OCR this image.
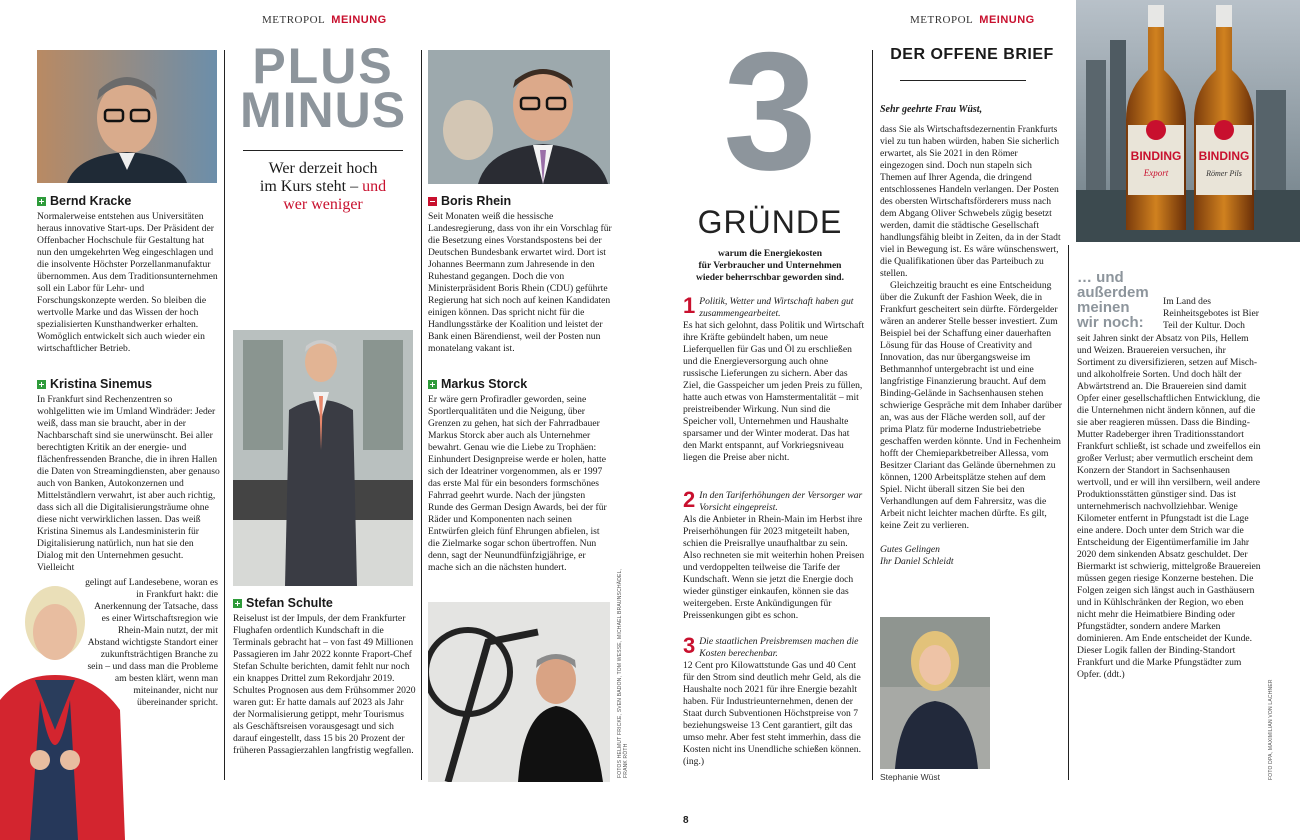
METROPOL MEINUNG

Bernd Kracke

Normalerweise entstehen aus Universitäten heraus innovative Start-ups. Der Präsident der Offenbacher Hochschule für Gestaltung hat nun den umgekehrten Weg eingeschlagen und die insolvente Höchster Porzellanmanufaktur übernommen. Aus dem Traditionsunternehmen soll ein Labor für Lehr- und Forschungskonzepte werden. So bleiben die wertvolle Marke und das Wissen der hoch spezialisierten Kunsthandwerker erhalten. Womöglich entwickelt sich auch wieder ein wirtschaftlicher Betrieb.

Kristina Sinemus

In Frankfurt sind Rechenzentren so wohlgelitten wie im Umland Windräder: Jeder weiß, dass man sie braucht, aber in der Nachbarschaft sind sie unerwünscht. Bei aller berechtigten Kritik an der energie- und flächenfressenden Branche, die in ihren Hallen die Daten von Streamingdiensten, aber genauso auch von Banken, Autokonzernen und Mittelständlern verwahrt, ist aber auch richtig, dass sich all die Digitalisierungsträume ohne diese nicht verwirklichen lassen. Das weiß Kristina Sinemus als Landesministerin für Digitalisierung natürlich, nun hat sie den Dialog mit den Unternehmen gesucht. Vielleicht

gelingt auf Landesebene, woran es in Frankfurt hakt: die Anerkennung der Tatsache, dass es einer Wirtschaftsregion wie Rhein-Main nutzt, der mit Abstand wichtigste Standort einer zukunftsträchtigen Branche zu sein – und dass man die Probleme am besten klärt, wenn man miteinander, nicht nur übereinander spricht.

PLUS
MINUS
Wer derzeit hoch
im Kurs steht – und
wer weniger

Stefan Schulte

Reiselust ist der Impuls, der dem Frankfurter Flughafen ordentlich Kundschaft in die Terminals gebracht hat – von fast 49 Millionen Passagieren im Jahr 2022 konnte Fraport-Chef Stefan Schulte berichten, damit fehlt nur noch ein knappes Drittel zum Rekordjahr 2019. Schultes Prognosen aus dem Frühsommer 2020 waren gut: Er hatte damals auf 2023 als Jahr der Normalisierung getippt, mehr Tourismus als Geschäftsreisen vorausgesagt und sich darauf eingestellt, dass 15 bis 20 Prozent der früheren Passagierzahlen langfristig wegfallen.

Boris Rhein

Seit Monaten weiß die hessische Landesregierung, dass von ihr ein Vorschlag für die Besetzung eines Vorstandspostens bei der Deutschen Bundesbank erwartet wird. Dort ist Johannes Beermann zum Jahresende in den Ruhestand gegangen. Doch die von Ministerpräsident Boris Rhein (CDU) geführte Regierung hat sich noch auf keinen Kandidaten einigen können. Das spricht nicht für die Handlungsstärke der Koalition und leistet der Bank einen Bärendienst, weil der Posten nun monatelang vakant ist.

Markus Storck

Er wäre gern Profiradler geworden, seine Sportlerqualitäten und die Neigung, über Grenzen zu gehen, hat sich der Fahrradbauer Markus Storck aber auch als Unternehmer bewahrt. Genau wie die Liebe zu Trophäen: Einhundert Designpreise werde er holen, hatte sich der Ideatriner vorgenommen, als er 1997 das erste Mal für ein besonders formschönes Fahrrad geehrt wurde. Nach der jüngsten Runde des German Design Awards, bei der für Räder und Komponenten nach seinen Entwürfen gleich fünf Ehrungen abfielen, ist die Zielmarke sogar schon übertroffen. Nun denn, sagt der Neunundfünfzigjährige, er mache sich an die nächsten hundert.

FOTOS HELMUT FRICKE, SVEN BADON, TOM WESSE, MICHAEL BRAUNSCHÄDEL, FRANK RÖTH
METROPOL MEINUNG
3
GRÜNDE
warum die Energiekosten
für Verbraucher und Unternehmen
wieder beherrschbar geworden sind.
1 Politik, Wetter und Wirtschaft haben gut zusammengearbeitet.

Es hat sich gelohnt, dass Politik und Wirtschaft ihre Kräfte gebündelt haben, um neue Lieferquellen für Gas und Öl zu erschließen und die Energieversorgung auch ohne russische Lieferungen zu sichern. Aber das Ziel, die Gasspeicher um jeden Preis zu füllen, hatte auch etwas von Hamstermentalität – mit preistreibender Wirkung. Nun sind die Speicher voll, Unternehmen und Haushalte sparsamer und der Winter moderat. Das hat den Markt entspannt, auf Vorkriegsniveau liegen die Preise aber nicht.

2 In den Tariferhöhungen der Versorger war Vorsicht eingepreist.

Als die Anbieter in Rhein-Main im Herbst ihre Preiserhöhungen für 2023 mitgeteilt haben, schien die Preisrallye unaufhaltbar zu sein. Also rechneten sie mit weiterhin hohen Preisen und verdoppelten teilweise die Tarife der Kundschaft. Wenn sie jetzt die Energie doch wieder günstiger einkaufen, können sie das weitergeben. Erste Ankündigungen für Preissenkungen gibt es schon.

3 Die staatlichen Preisbremsen machen die Kosten berechenbar.

12 Cent pro Kilowattstunde Gas und 40 Cent für den Strom sind deutlich mehr Geld, als die Haushalte noch 2021 für ihre Energie bezahlt haben. Für Industrieunternehmen, denen der Staat durch Subventionen Höchstpreise von 7 beziehungsweise 13 Cent garantiert, gilt das umso mehr. Aber fest steht immerhin, dass die Kosten nicht ins Unendliche schießen können. (ing.)

DER OFFENE BRIEF

Sehr geehrte Frau Wüst,

dass Sie als Wirtschaftsdezernentin Frankfurts viel zu tun haben würden, haben Sie sicherlich erwartet, als Sie 2021 in den Römer eingezogen sind. Doch nun stapeln sich Themen auf Ihrer Agenda, die dringend entschlossenes Handeln verlangen. Der Posten des obersten Wirtschaftsförderers muss nach dem Abgang Oliver Schwebels zügig besetzt werden, damit die städtische Gesellschaft handlungsfähig bleibt in Zeiten, da in der Stadt viel in Bewegung ist. Es wäre wünschenswert, die Qualifikationen über das Parteibuch zu stellen.

Gleichzeitig braucht es eine Entscheidung über die Zukunft der Fashion Week, die in Frankfurt gescheitert sein dürfte. Fördergelder wären an anderer Stelle besser investiert. Zum Beispiel bei der Schaffung einer dauerhaften Lösung für das House of Creativity and Innovation, das nur übergangsweise im Bethmannhof untergebracht ist und eine langfristige Finanzierung braucht. Auf dem Binding-Gelände in Sachsenhausen stehen schwierige Gespräche mit dem Inhaber darüber an, was aus der Fläche werden soll, auf der prima Platz für moderne Industriebetriebe geschaffen werden könnte. Und in Fechenheim hofft der Chemieparkbetreiber Allessa, vom Besitzer Clariant das Gelände übernehmen zu können, 1200 Arbeitsplätze stehen auf dem Spiel. Nicht überall sitzen Sie bei den Verhandlungen auf dem Fahrersitz, was die Arbeit nicht leichter machen dürfte. Es gilt, keine Zeit zu verlieren.

Gutes Gelingen

Ihr Daniel Schleidt

Stephanie Wüst
BINDING
Export
BINDING
Römer Pils
… und
außerdem
meinen
wir noch:

Im Land des Reinheitsgebotes ist Bier Teil der Kultur. Doch

seit Jahren sinkt der Absatz von Pils, Hellem und Weizen. Brauereien versuchen, ihr Sortiment zu diversifizieren, setzen auf Misch- und alkoholfreie Sorten. Und doch hält der Abwärtstrend an. Die Brauereien sind damit Opfer einer gesellschaftlichen Entwicklung, die die Unternehmen nicht ändern können, auf die sie aber reagieren müssen. Dass die Binding-Mutter Radeberger ihren Traditionsstandort Frankfurt schließt, ist schade und zweifellos ein großer Verlust; aber vermutlich erscheint dem Konzern der Standort in Sachsenhausen wertvoll, und er will ihn versilbern, weil andere Produktionsstätten günstiger sind. Das ist unternehmerisch nachvollziehbar. Wenige Kilometer entfernt in Pfungstadt ist die Lage eine andere. Doch unter dem Strich war die Entscheidung der Eigentümerfamilie im Jahr 2020 dem sinkenden Absatz geschuldet. Der Biermarkt ist schwierig, mittelgroße Brauereien müssen gegen riesige Konzerne bestehen. Die Folgen zeigen sich längst auch in Gasthäusern und in Kühlschränken der Region, wo eben nicht mehr die Heimatbiere Binding oder Pfungstädter, sondern andere Marken dominieren. Am Ende entscheidet der Kunde. Dieser Logik fallen der Binding-Standort Frankfurt und die Marke Pfungstädter zum Opfer. (ddt.)

FOTO DPA, MAXIMILIAN VON LACHNER
8
